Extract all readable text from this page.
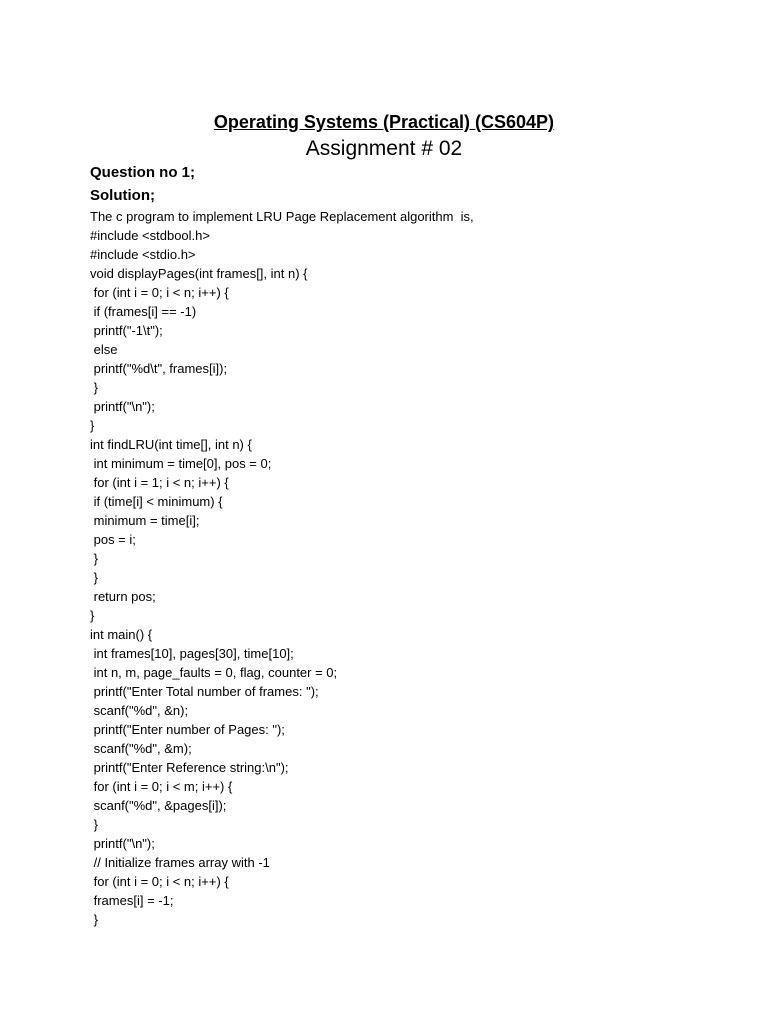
Operating Systems (Practical) (CS604P)
Assignment # 02
Question no 1;
Solution;
The c program to implement LRU Page Replacement algorithm  is,
#include <stdbool.h>
#include <stdio.h>
void displayPages(int frames[], int n) {
for (int i = 0; i < n; i++) {
if (frames[i] == -1)
printf("-1\t");
else
printf("%d\t", frames[i]);
}
printf("\n");
}
int findLRU(int time[], int n) {
int minimum = time[0], pos = 0;
for (int i = 1; i < n; i++) {
if (time[i] < minimum) {
minimum = time[i];
pos = i;
}
}
return pos;
}
int main() {
int frames[10], pages[30], time[10];
int n, m, page_faults = 0, flag, counter = 0;
printf("Enter Total number of frames: ");
scanf("%d", &n);
printf("Enter number of Pages: ");
scanf("%d", &m);
printf("Enter Reference string:\n");
for (int i = 0; i < m; i++) {
scanf("%d", &pages[i]);
}
printf("\n");
// Initialize frames array with -1
for (int i = 0; i < n; i++) {
frames[i] = -1;
}
